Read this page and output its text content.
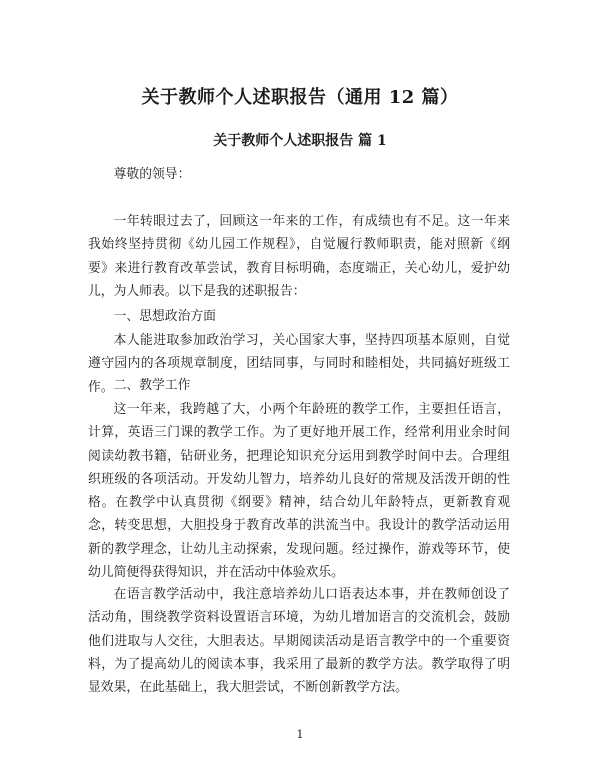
关于教师个人述职报告（通用 12 篇）
关于教师个人述职报告 篇 1

尊敬的领导：

一年转眼过去了，回顾这一年来的工作，有成绩也有不足。这一年来我始终坚持贯彻《幼儿园工作规程》，自觉履行教师职责，能对照新《纲要》来进行教育改革尝试，教育目标明确，态度端正，关心幼儿，爱护幼儿，为人师表。以下是我的述职报告：

一、思想政治方面

本人能进取参加政治学习，关心国家大事，坚持四项基本原则，自觉遵守园内的各项规章制度，团结同事，与同时和睦相处，共同搞好班级工作。 二、教学工作

这一年来，我跨越了大，小两个年龄班的教学工作，主要担任语言，计算，英语三门课的教学工作。为了更好地开展工作，经常利用业余时间阅读幼教书籍，钻研业务，把理论知识充分运用到教学时间中去。合理组织班级的各项活动。开发幼儿智力，培养幼儿良好的常规及活泼开朗的性格。在教学中认真贯彻《纲要》精神，结合幼儿年龄特点，更新教育观念，转变思想，大胆投身于教育改革的洪流当中。我设计的教学活动运用新的教学理念，让幼儿主动探索，发现问题。经过操作，游戏等环节，使幼儿简便得获得知识，并在活动中体验欢乐。

在语言教学活动中，我注意培养幼儿口语表达本事，并在教师创设了活动角，围绕教学资料设置语言环境，为幼儿增加语言的交流机会，鼓励他们进取与人交往，大胆表达。早期阅读活动是语言教学中的一个重要资料，为了提高幼儿的阅读本事，我采用了最新的教学方法。教学取得了明显效果，在此基础上，我大胆尝试，不断创新教学方法。

1
